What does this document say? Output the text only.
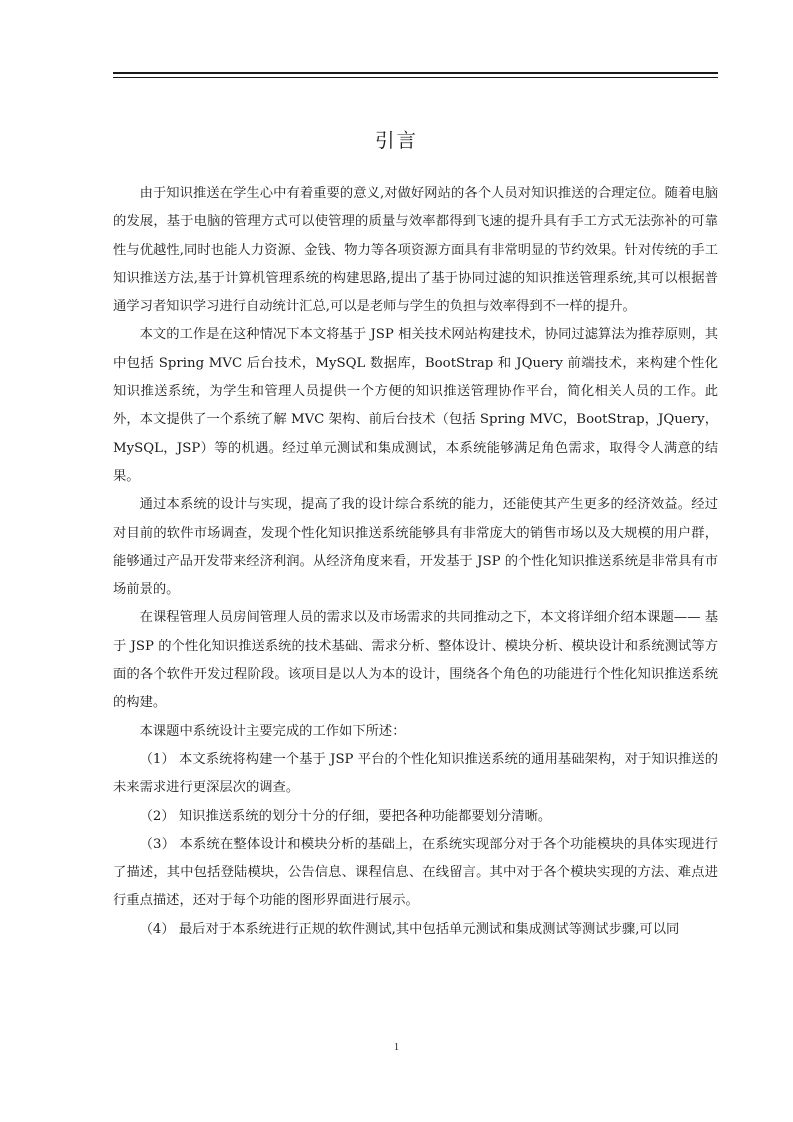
引言

由于知识推送在学生心中有着重要的意义,对做好网站的各个人员对知识推送的合理定位。随着电脑的发展，基于电脑的管理方式可以使管理的质量与效率都得到飞速的提升具有手工方式无法弥补的可靠性与优越性,同时也能人力资源、金钱、物力等各项资源方面具有非常明显的节约效果。针对传统的手工知识推送方法,基于计算机管理系统的构建思路,提出了基于协同过滤的知识推送管理系统,其可以根据普通学习者知识学习进行自动统计汇总,可以是老师与学生的负担与效率得到不一样的提升。

本文的工作是在这种情况下本文将基于 JSP 相关技术网站构建技术，协同过滤算法为推荐原则，其中包括 Spring MVC 后台技术，MySQL 数据库，BootStrap 和 JQuery 前端技术，来构建个性化知识推送系统，为学生和管理人员提供一个方便的知识推送管理协作平台，简化相关人员的工作。此外，本文提供了一个系统了解 MVC 架构、前后台技术（包括 Spring MVC，BootStrap，JQuery，MySQL，JSP）等的机遇。经过单元测试和集成测试，本系统能够满足角色需求，取得令人满意的结果。

通过本系统的设计与实现，提高了我的设计综合系统的能力，还能使其产生更多的经济效益。经过对目前的软件市场调查，发现个性化知识推送系统能够具有非常庞大的销售市场以及大规模的用户群，能够通过产品开发带来经济利润。从经济角度来看，开发基于 JSP 的个性化知识推送系统是非常具有市场前景的。

在课程管理人员房间管理人员的需求以及市场需求的共同推动之下，本文将详细介绍本课题—— 基于 JSP 的个性化知识推送系统的技术基础、需求分析、整体设计、模块分析、模块设计和系统测试等方面的各个软件开发过程阶段。该项目是以人为本的设计，围绕各个角色的功能进行个性化知识推送系统的构建。

本课题中系统设计主要完成的工作如下所述：

（1） 本文系统将构建一个基于 JSP 平台的个性化知识推送系统的通用基础架构，对于知识推送的未来需求进行更深层次的调查。

（2） 知识推送系统的划分十分的仔细，要把各种功能都要划分清晰。

（3） 本系统在整体设计和模块分析的基础上，在系统实现部分对于各个功能模块的具体实现进行了描述，其中包括登陆模块，公告信息、课程信息、在线留言。其中对于各个模块实现的方法、难点进行重点描述，还对于每个功能的图形界面进行展示。

（4） 最后对于本系统进行正规的软件测试,其中包括单元测试和集成测试等测试步骤,可以同

1
